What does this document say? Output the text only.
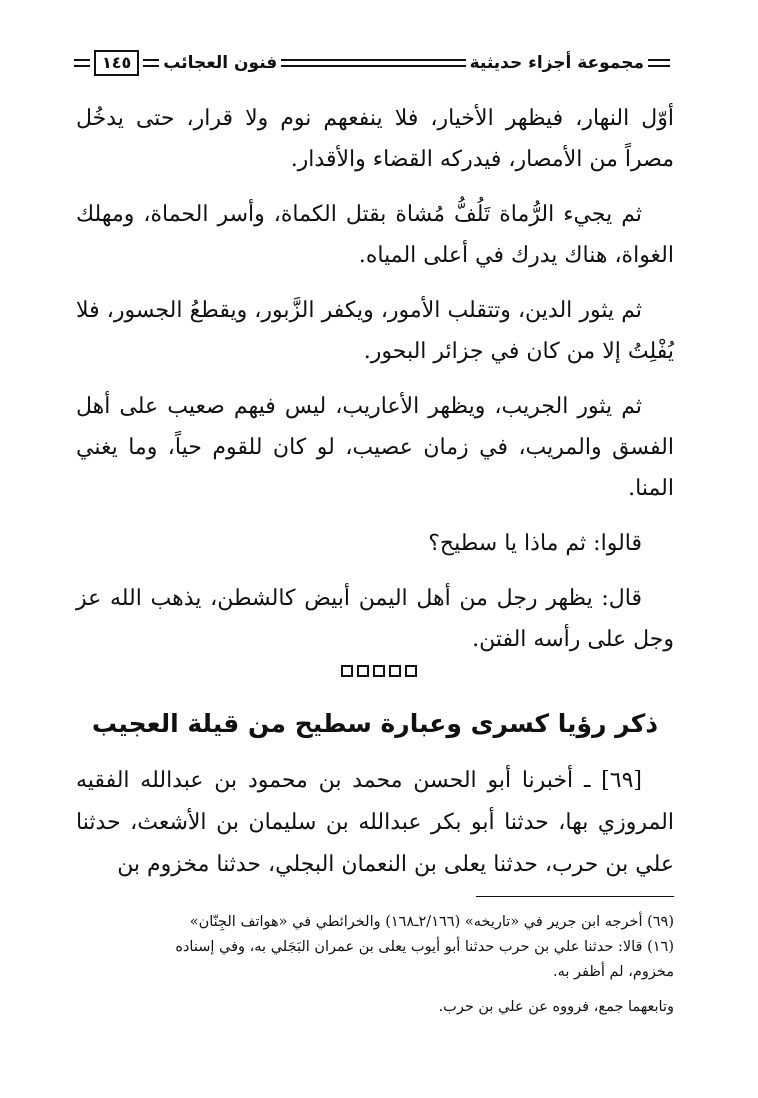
مجموعة أجزاء حديثية
فنون العجائب
١٤٥

أوّل النهار، فيظهر الأخيار، فلا ينفعهم نوم ولا قرار، حتى يدخُل مصراً من الأمصار، فيدركه القضاء والأقدار.

ثم يجيء الرُّماة تَلُفُّ مُشاة بقتل الكماة، وأسر الحماة، ومهلك الغواة، هناك يدرك في أعلى المياه.

ثم يثور الدين، وتتقلب الأمور، ويكفر الزَّبور، ويقطعُ الجسور، فلا يُفْلِتُ إلا من كان في جزائر البحور.

ثم يثور الجريب، ويظهر الأعاريب، ليس فيهم صعيب على أهل الفسق والمريب، في زمان عصيب، لو كان للقوم حياً، وما يغني المنا.

قالوا: ثم ماذا يا سطيح؟

قال: يظهر رجل من أهل اليمن أبيض كالشطن، يذهب الله عز وجل على رأسه الفتن.

ذكر رؤيا كسرى وعبارة سطيح من قيلة العجيب

[٦٩] ـ أخبرنا أبو الحسن محمد بن محمود بن عبدالله الفقيه المروزي بها، حدثنا أبو بكر عبدالله بن سليمان بن الأشعث، حدثنا علي بن حرب، حدثنا يعلى بن النعمان البجلي، حدثنا مخزوم بن

(٦٩) أخرجه ابن جرير في «تاريخه» (٢/١٦٦ـ١٦٨) والخرائطي في «هواتف الجِنّان»

(١٦) قالا: حدثنا علي بن حرب حدثنا أبو أيوب يعلى بن عمران البَجَلي به، وفي إسناده

مخزوم، لم أظفر به.

وتابعهما جمع، فرووه عن علي بن حرب.
